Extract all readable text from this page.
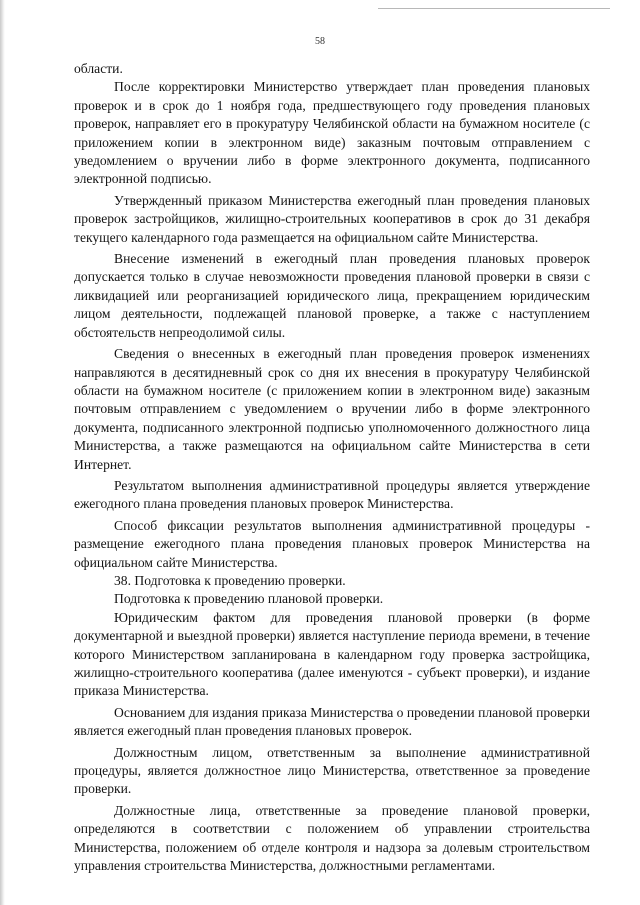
58

области.

После корректировки Министерство утверждает план проведения плановых проверок и в срок до 1 ноября года, предшествующего году проведения плановых проверок, направляет его в прокуратуру Челябинской области на бумажном носителе (с приложением копии в электронном виде) заказным почтовым отправлением с уведомлением о вручении либо в форме электронного документа, подписанного электронной подписью.

Утвержденный приказом Министерства ежегодный план проведения плановых проверок застройщиков, жилищно-строительных кооперативов в срок до 31 декабря текущего календарного года размещается на официальном сайте Министерства.

Внесение изменений в ежегодный план проведения плановых проверок допускается только в случае невозможности проведения плановой проверки в связи с ликвидацией или реорганизацией юридического лица, прекращением юридическим лицом деятельности, подлежащей плановой проверке, а также с наступлением обстоятельств непреодолимой силы.

Сведения о внесенных в ежегодный план проведения проверок изменениях направляются в десятидневный срок со дня их внесения в прокуратуру Челябинской области на бумажном носителе (с приложением копии в электронном виде) заказным почтовым отправлением с уведомлением о вручении либо в форме электронного документа, подписанного электронной подписью уполномоченного должностного лица Министерства, а также размещаются на официальном сайте Министерства в сети Интернет.

Результатом выполнения административной процедуры является утверждение ежегодного плана проведения плановых проверок Министерства.

Способ фиксации результатов выполнения административной процедуры - размещение ежегодного плана проведения плановых проверок Министерства на официальном сайте Министерства.

38. Подготовка к проведению проверки.

Подготовка к проведению плановой проверки.

Юридическим фактом для проведения плановой проверки (в форме документарной и выездной проверки) является наступление периода времени, в течение которого Министерством запланирована в календарном году проверка застройщика, жилищно-строительного кооператива (далее именуются - субъект проверки), и издание приказа Министерства.

Основанием для издания приказа Министерства о проведении плановой проверки является ежегодный план проведения плановых проверок.

Должностным лицом, ответственным за выполнение административной процедуры, является должностное лицо Министерства, ответственное за проведение проверки.

Должностные лица, ответственные за проведение плановой проверки, определяются в соответствии с положением об управлении строительства Министерства, положением об отделе контроля и надзора за долевым строительством управления строительства Министерства, должностными регламентами.
